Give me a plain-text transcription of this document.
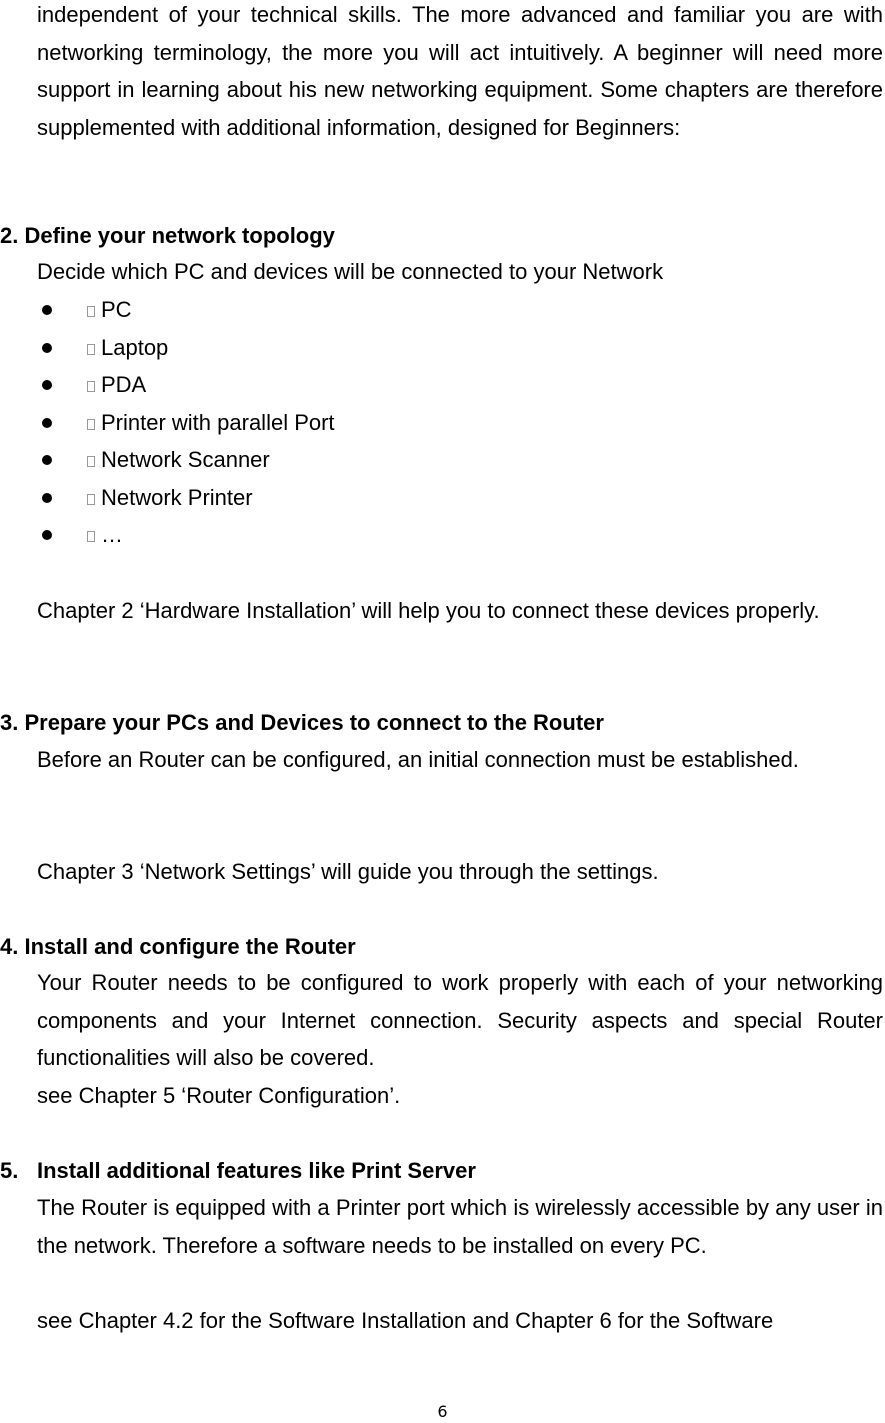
independent of your technical skills. The more advanced and familiar you are with networking terminology, the more you will act intuitively. A beginner will need more support in learning about his new networking equipment. Some chapters are therefore supplemented with additional information, designed for Beginners:

2. Define your network topology

Decide which PC and devices will be connected to your Network

PC
Laptop
PDA
Printer with parallel Port
Network Scanner
Network Printer
…

Chapter 2 ‘Hardware Installation’ will help you to connect these devices properly.

3. Prepare your PCs and Devices to connect to the Router

Before an Router can be configured, an initial connection must be established.

Chapter 3 ‘Network Settings’ will guide you through the settings.

4. Install and configure the Router

Your Router needs to be configured to work properly with each of your networking components and your Internet connection. Security aspects and special Router functionalities will also be covered.

see Chapter 5 ‘Router Configuration’.

5. Install additional features like Print Server

The Router is equipped with a Printer port which is wirelessly accessible by any user in the network. Therefore a software needs to be installed on every PC.

see Chapter 4.2 for the Software Installation and Chapter 6 for the Software

6
